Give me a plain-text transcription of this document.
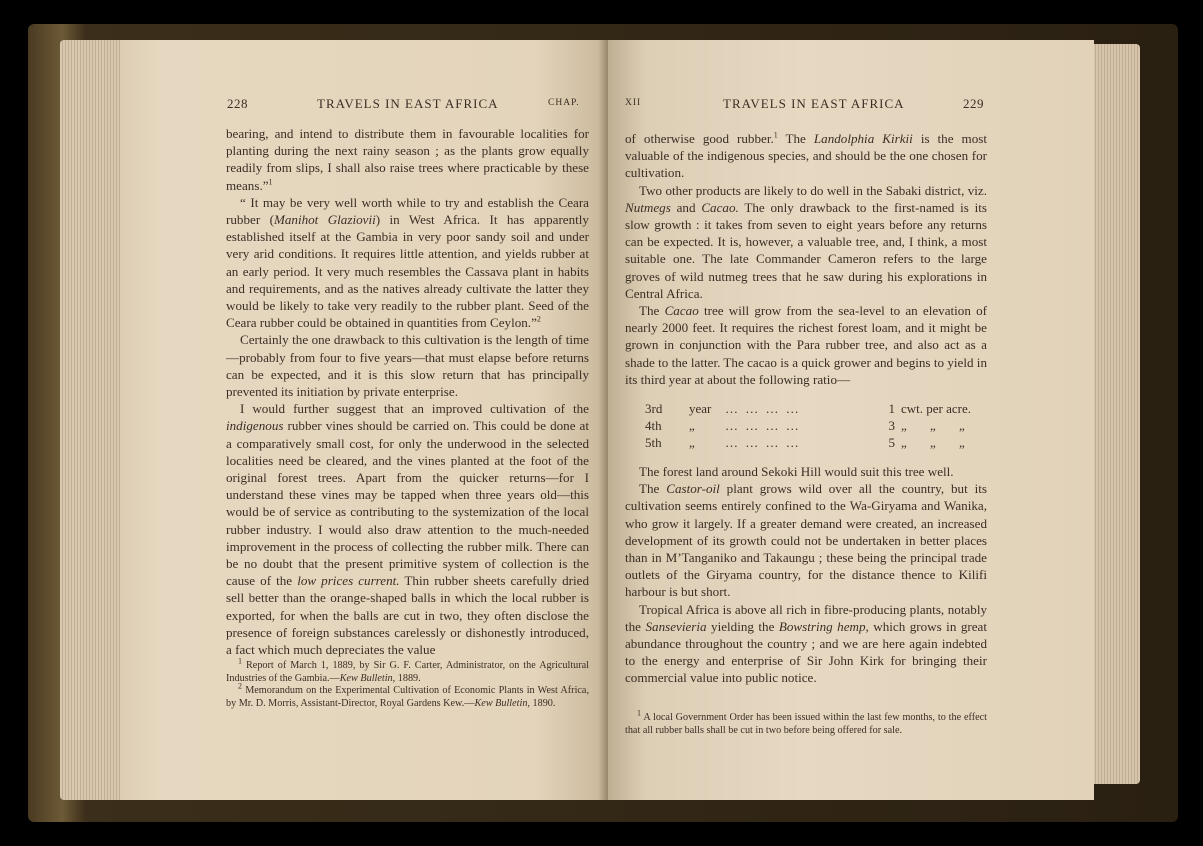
228	TRAVELS IN EAST AFRICA	CHAP.

bearing, and intend to distribute them in favourable localities for planting during the next rainy season ; as the plants grow equally readily from slips, I shall also raise trees where practicable by these means.”$^1$

“ It may be very well worth while to try and establish the Ceara rubber (Manihot Glaziovii) in West Africa. It has apparently established itself at the Gambia in very poor sandy soil and under very arid conditions. It requires little attention, and yields rubber at an early period. It very much resembles the Cassava plant in habits and requirements, and as the natives already cultivate the latter they would be likely to take very readily to the rubber plant. Seed of the Ceara rubber could be obtained in quantities from Ceylon.”$^2$

Certainly the one drawback to this cultivation is the length of time—probably from four to five years—that must elapse before returns can be expected, and it is this slow return that has principally prevented its initiation by private enterprise.

I would further suggest that an improved cultivation of the indigenous rubber vines should be carried on. This could be done at a comparatively small cost, for only the underwood in the selected localities need be cleared, and the vines planted at the foot of the original forest trees. Apart from the quicker returns—for I understand these vines may be tapped when three years old—this would be of service as contributing to the systemization of the local rubber industry. I would also draw attention to the much-needed improvement in the process of collecting the rubber milk. There can be no doubt that the present primitive system of collection is the cause of the low prices current. Thin rubber sheets carefully dried sell better than the orange-shaped balls in which the local rubber is exported, for when the balls are cut in two, they often disclose the presence of foreign substances carelessly or dishonestly introduced, a fact which much depreciates the value

$^1$ Report of March 1, 1889, by Sir G. F. Carter, Administrator, on the Agricultural Industries of the Gambia.—Kew Bulletin, 1889.

$^2$ Memorandum on the Experimental Cultivation of Economic Plants in West Africa, by Mr. D. Morris, Assistant-Director, Royal Gardens Kew.—Kew Bulletin, 1890.

XII	TRAVELS IN EAST AFRICA	229

of otherwise good rubber.$^1$ The Landolphia Kirkii is the most valuable of the indigenous species, and should be the one chosen for cultivation.

Two other products are likely to do well in the Sabaki district, viz. Nutmegs and Cacao. The only drawback to the first-named is its slow growth : it takes from seven to eight years before any returns can be expected. It is, however, a valuable tree, and, I think, a most suitable one. The late Commander Cameron refers to the large groves of wild nutmeg trees that he saw during his explorations in Central Africa.

The Cacao tree will grow from the sea-level to an elevation of nearly 2000 feet. It requires the richest forest loam, and it might be grown in conjunction with the Para rubber tree, and also act as a shade to the latter. The cacao is a quick grower and begins to yield in its third year at about the following ratio—

3rd	year	… … … …	1 cwt. per acre.
4th	„	… … … …	3 „ „ „
5th	„	… … … …	5 „ „ „

The forest land around Sekoki Hill would suit this tree well.

The Castor-oil plant grows wild over all the country, but its cultivation seems entirely confined to the Wa-Giryama and Wanika, who grow it largely. If a greater demand were created, an increased development of its growth could not be undertaken in better places than in M’Tanganiko and Takaungu ; these being the principal trade outlets of the Giryama country, for the distance thence to Kilifi harbour is but short.

Tropical Africa is above all rich in fibre-producing plants, notably the Sansevieria yielding the Bowstring hemp, which grows in great abundance throughout the country ; and we are here again indebted to the energy and enterprise of Sir John Kirk for bringing their commercial value into public notice.

$^1$ A local Government Order has been issued within the last few months, to the effect that all rubber balls shall be cut in two before being offered for sale.
